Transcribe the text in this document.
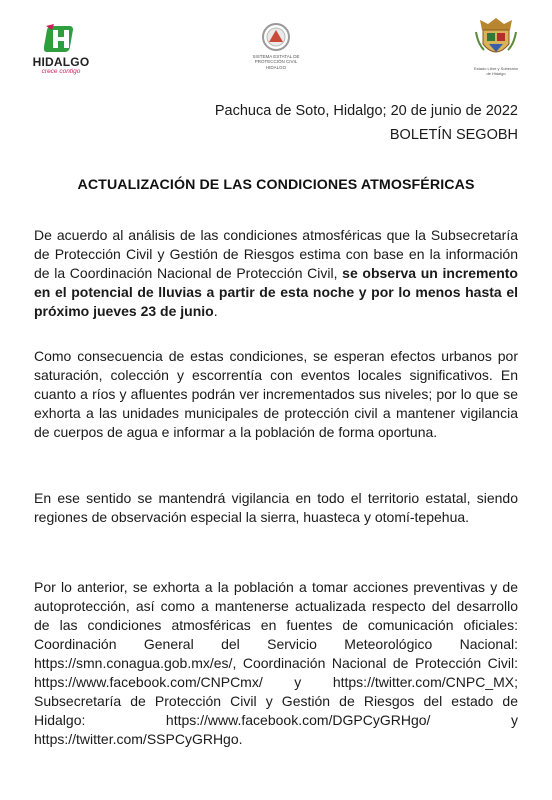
HIDALGO
crece contigo
SISTEMA ESTATAL DE
PROTECCIÓN CIVIL
HIDALGO	Estado Libre y Soberano
de Hidalgo
Pachuca de Soto, Hidalgo; 20 de junio de 2022
BOLETÍN SEGOBH
ACTUALIZACIÓN DE LAS CONDICIONES ATMOSFÉRICAS

De acuerdo al análisis de las condiciones atmosféricas que la Subsecretaría de Protección Civil y Gestión de Riesgos estima con base en la información de la Coordinación Nacional de Protección Civil, se observa un incremento en el potencial de lluvias a partir de esta noche y por lo menos hasta el próximo jueves 23 de junio.

Como consecuencia de estas condiciones, se esperan efectos urbanos por saturación, colección y escorrentía con eventos locales significativos. En cuanto a ríos y afluentes podrán ver incrementados sus niveles; por lo que se exhorta a las unidades municipales de protección civil a mantener vigilancia de cuerpos de agua e informar a la población de forma oportuna.

En ese sentido se mantendrá vigilancia en todo el territorio estatal, siendo regiones de observación especial la sierra, huasteca y otomí-tepehua.

Por lo anterior, se exhorta a la población a tomar acciones preventivas y de autoprotección, así como a mantenerse actualizada respecto del desarrollo de las condiciones atmosféricas en fuentes de comunicación oficiales: Coordinación General del Servicio Meteorológico Nacional: https://smn.conagua.gob.mx/es/, Coordinación Nacional de Protección Civil: https://www.facebook.com/CNPCmx/ y https://twitter.com/CNPC_MX; Subsecretaría de Protección Civil y Gestión de Riesgos del estado de Hidalgo: https://www.facebook.com/DGPCyGRHgo/ y https://twitter.com/SSPCyGRHgo.
